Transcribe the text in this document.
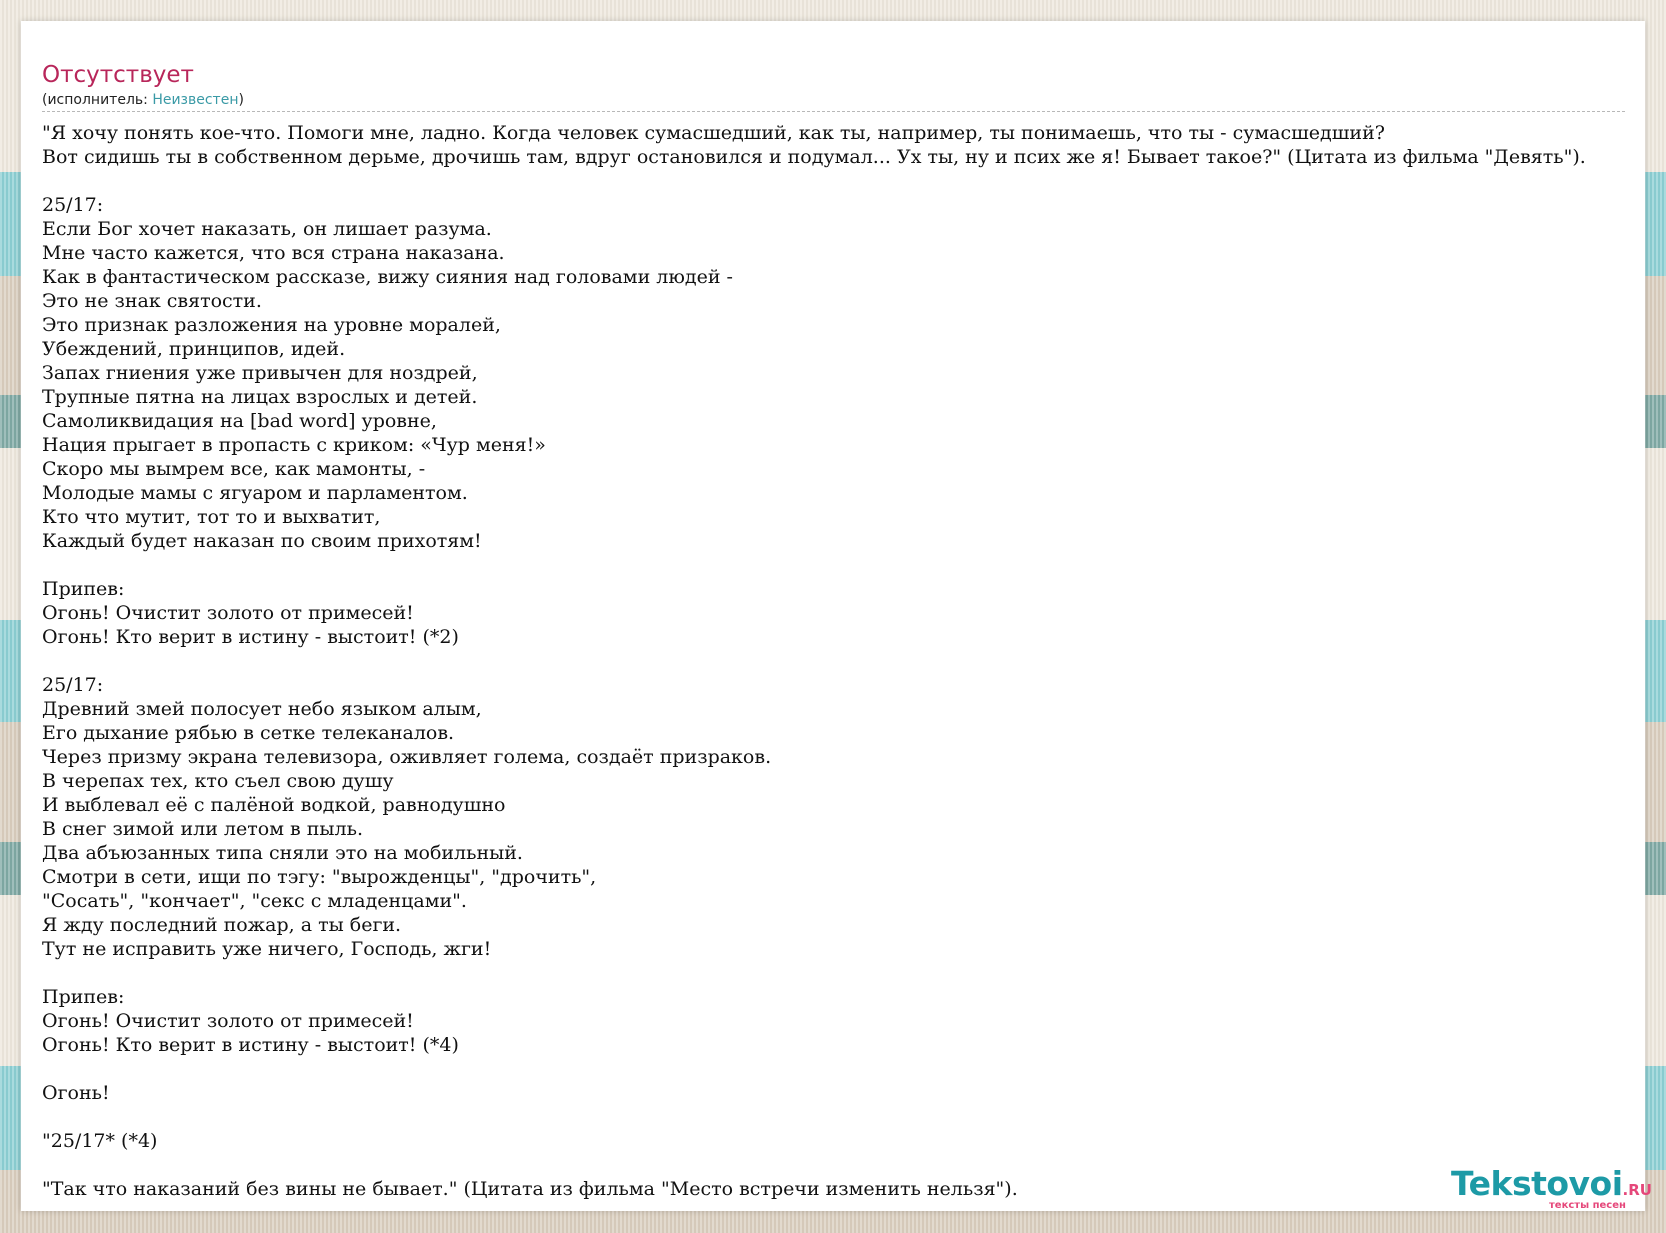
Отсутствует
(исполнитель: Неизвестен)
"Я хочу понять кое-что. Помоги мне, ладно. Когда человек сумасшедший, как ты, например, ты понимаешь, что ты - сумасшедший?
Вот сидишь ты в собственном дерьме, дрочишь там, вдруг остановился и подумал... Ух ты, ну и псих же я! Бывает такое?" (Цитата из фильма "Девять").

25/17:
Если Бог хочет наказать, он лишает разума.
Мне часто кажется, что вся страна наказана.
Как в фантастическом рассказе, вижу сияния над головами людей -
Это не знак святости.
Это признак разложения на уровне моралей,
Убеждений, принципов, идей.
Запах гниения уже привычен для ноздрей,
Трупные пятна на лицах взрослых и детей.
Самоликвидация на [bad word] уровне,
Нация прыгает в пропасть с криком: «Чур меня!»
Скоро мы вымрем все, как мамонты, -
Молодые мамы с ягуаром и парламентом.
Кто что мутит, тот то и выхватит,
Каждый будет наказан по своим прихотям!

Припев:
Огонь! Очистит золото от примесей!
Огонь! Кто верит в истину - выстоит! (*2)

25/17:
Древний змей полосует небо языком алым,
Его дыхание рябью в сетке телеканалов.
Через призму экрана телевизора, оживляет голема, создаёт призраков.
В черепах тех, кто съел свою душу
И выблевал её с палёной водкой, равнодушно
В снег зимой или летом в пыль.
Два абъюзанных типа сняли это на мобильный.
Смотри в сети, ищи по тэгу: "вырожденцы", "дрочить",
"Сосать", "кончает", "секс с младенцами".
Я жду последний пожар, а ты беги.
Тут не исправить уже ничего, Господь, жги!

Припев:
Огонь! Очистит золото от примесей!
Огонь! Кто верит в истину - выстоит! (*4)

Огонь!

"25/17* (*4)

"Так что наказаний без вины не бывает." (Цитата из фильма "Место встречи изменить нельзя").	Tekstovoi.RU
тексты песен
